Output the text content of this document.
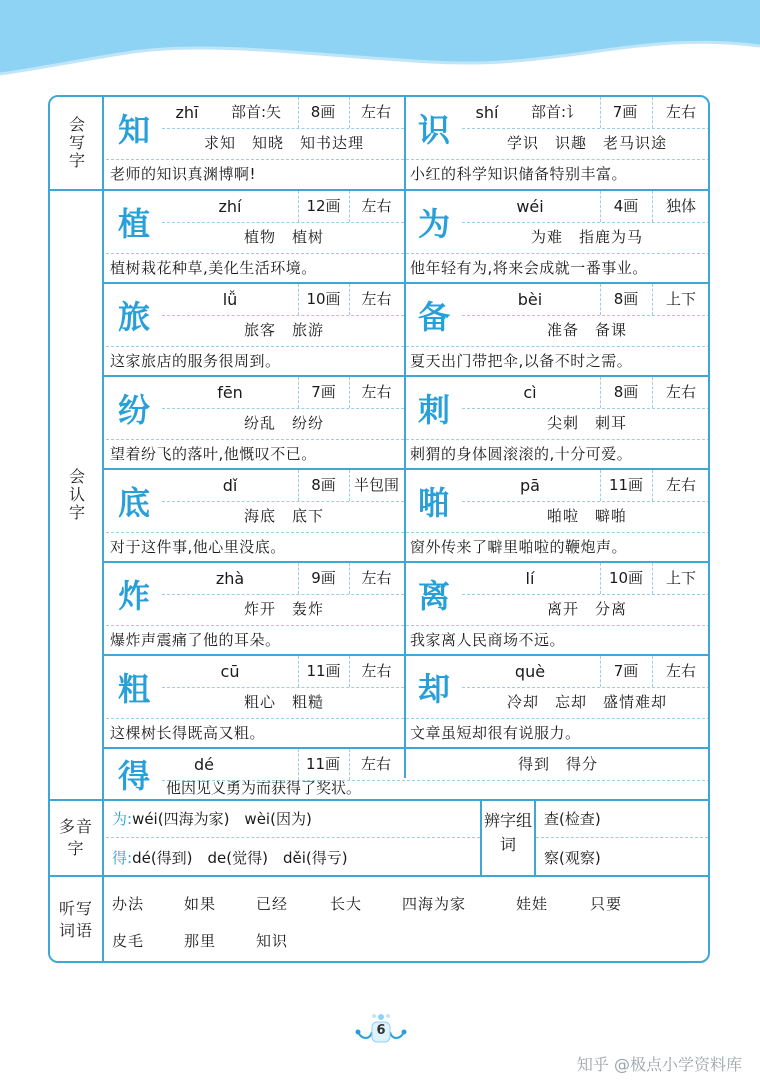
会写字
会认字
多音字
听写词语
知	zhī	部首:矢	8画	左右
求知　知晓　知书达理
老师的知识真渊博啊!
识	shí	部首:讠	7画	左右
学识　识趣　老马识途
小红的科学知识储备特别丰富。
植	zhí	12画	左右
植物　植树
植树栽花种草,美化生活环境。
为	wéi	4画	独体
为难　指鹿为马
他年轻有为,将来会成就一番事业。
旅	lǚ	10画	左右
旅客　旅游
这家旅店的服务很周到。
备	bèi	8画	上下
准备　备课
夏天出门带把伞,以备不时之需。
纷	fēn	7画	左右
纷乱　纷纷
望着纷飞的落叶,他慨叹不已。
刺	cì	8画	左右
尖刺　刺耳
刺猬的身体圆滚滚的,十分可爱。
底	dǐ	8画	半包围
海底　底下
对于这件事,他心里没底。
啪	pā	11画	左右
啪啦　噼啪
窗外传来了噼里啪啦的鞭炮声。
炸	zhà	9画	左右
炸开　轰炸
爆炸声震痛了他的耳朵。
离	lí	10画	上下
离开　分离
我家离人民商场不远。
粗	cū	11画	左右
粗心　粗糙
这棵树长得既高又粗。
却	què	7画	左右
冷却　忘却　盛情难却
文章虽短却很有说服力。
得	dé	11画	左右	得到　得分
他因见义勇为而获得了奖状。
为:wéi(四海为家)　wèi(因为)
得:dé(得到)　de(觉得)　děi(得亏)
辨字组词
查(检查)
察(观察)
办法	如果	已经	长大	四海为家	娃娃	只要
皮毛	那里	知识
6
知乎 @极点小学资料库
